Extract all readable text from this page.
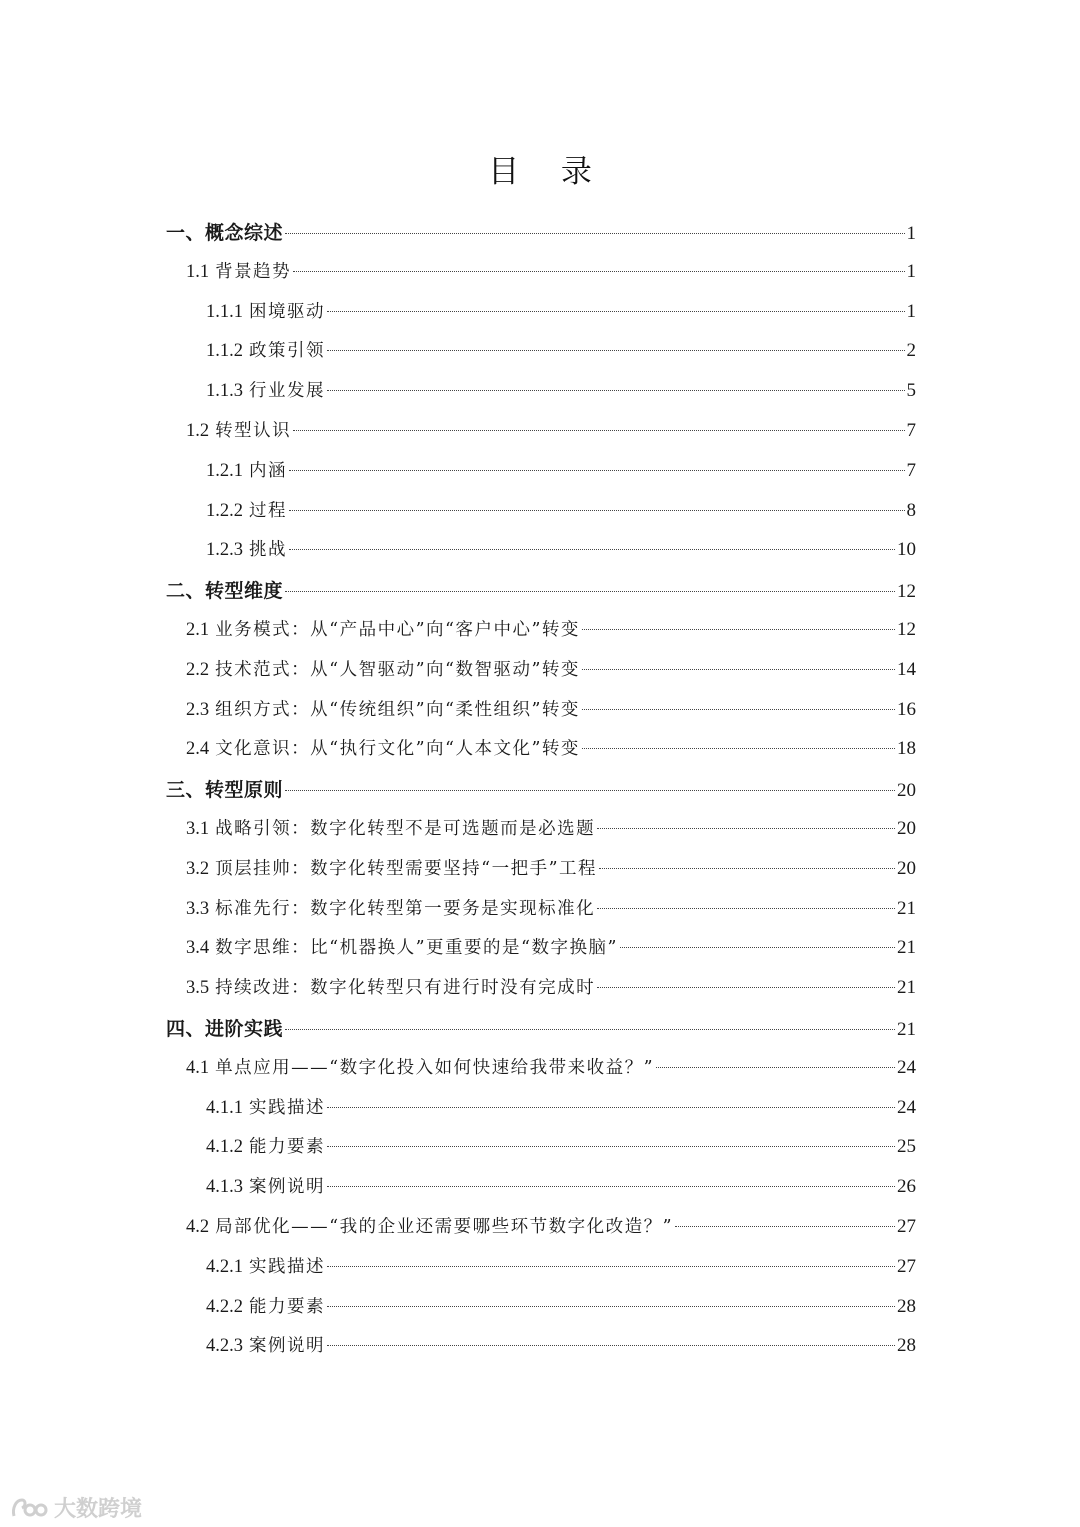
目 录
一、概念综述	1
1.1 背景趋势	1
1.1.1 困境驱动	1
1.1.2 政策引领	2
1.1.3 行业发展	5
1.2 转型认识	7
1.2.1 内涵	7
1.2.2 过程	8
1.2.3 挑战	10
二、转型维度	12
2.1 业务模式：从“产品中心”向“客户中心”转变	12
2.2 技术范式：从“人智驱动”向“数智驱动”转变	14
2.3 组织方式：从“传统组织”向“柔性组织”转变	16
2.4 文化意识：从“执行文化”向“人本文化”转变	18
三、转型原则	20
3.1 战略引领：数字化转型不是可选题而是必选题	20
3.2 顶层挂帅：数字化转型需要坚持“一把手”工程	20
3.3 标准先行：数字化转型第一要务是实现标准化	21
3.4 数字思维：比“机器换人”更重要的是“数字换脑”	21
3.5 持续改进：数字化转型只有进行时没有完成时	21
四、进阶实践	21
4.1 单点应用——“数字化投入如何快速给我带来收益？”	24
4.1.1 实践描述	24
4.1.2 能力要素	25
4.1.3 案例说明	26
4.2 局部优化——“我的企业还需要哪些环节数字化改造？”	27
4.2.1 实践描述	27
4.2.2 能力要素	28
4.2.3 案例说明	28
大数跨境
